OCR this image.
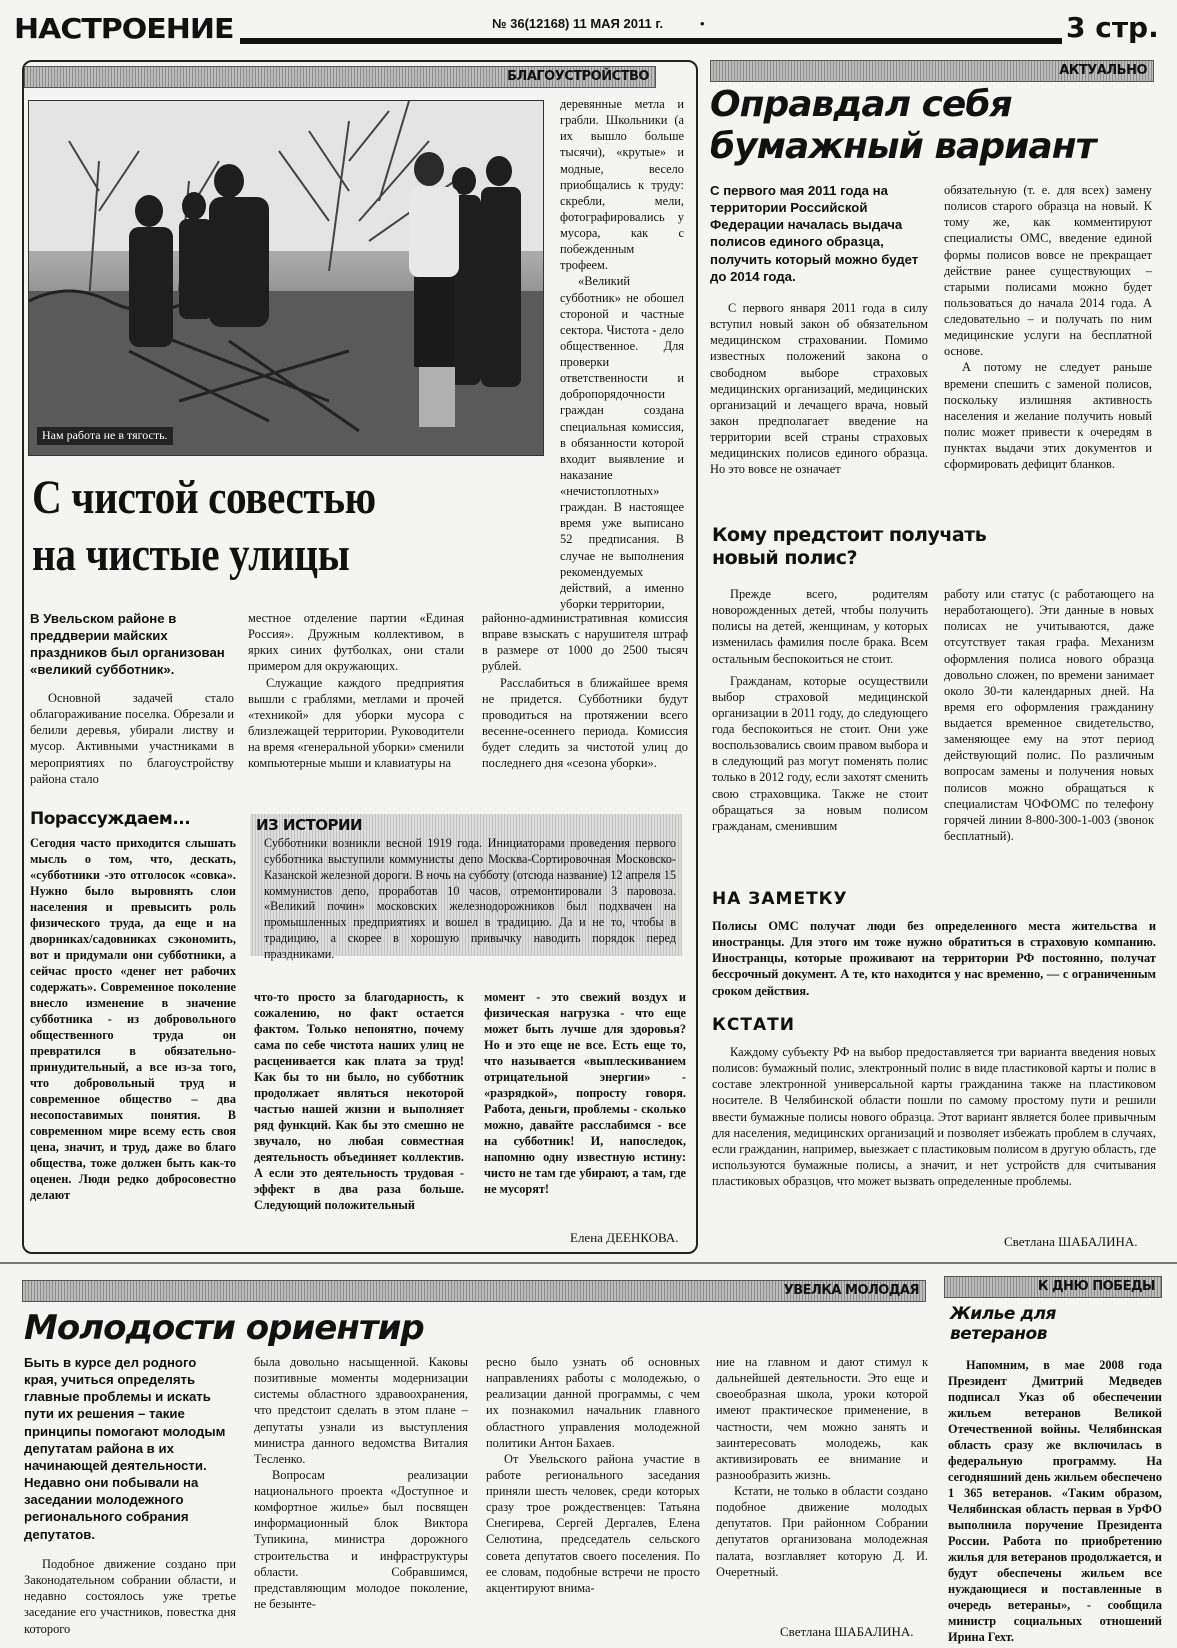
НАСТРОЕНИЕ	№ 36(12168) 11 МАЯ 2011 г.	•	3 стр.
БЛАГОУСТРОЙСТВО
Нам работа не в тягость.

деревянные метла и грабли. Школьники (а их вышло больше тысячи), «крутые» и модные, весело приобщались к труду: скребли, мели, фотографировались у мусора, как с побежденным трофеем.

«Великий субботник» не обошел стороной и частные сектора. Чистота - дело общественное. Для проверки ответственности и добропорядочности граждан создана специальная комиссия, в обязанности которой входит выявление и наказание «нечистоплотных» граждан. В настоящее время уже выписано 52 предписания. В случае не выполнения рекомендуемых действий, а именно уборки территории,

С чистой совестью
на чистые улицы
В Увельском районе в преддверии майских праздников был организован «великий субботник».
Основной задачей стало облагораживание поселка. Обрезали и белили деревья, убирали листву и мусор. Активными участниками в мероприятиях по благоустройству района стало

местное отделение партии «Единая Россия». Дружным коллективом, в ярких синих футболках, они стали примером для окружающих.

Служащие каждого предприятия вышли с граблями, метлами и прочей «техникой» для уборки мусора с близлежащей территории. Руководители на время «генеральной уборки» сменили компьютерные мыши и клавиатуры на

районно-административная комиссия вправе взыскать с нарушителя штраф в размере от 1000 до 2500 тысяч рублей.

Расслабиться в ближайшее время не придется. Субботники будут проводиться на протяжении всего весенне-осеннего периода. Комиссия будет следить за чистотой улиц до последнего дня «сезона уборки».

Порассуждаем...
Сегодня часто приходится слышать мысль о том, что, дескать, «субботники -это отголосок «совка». Нужно было выровнять слои населения и превысить роль физического труда, да еще и на дворниках/садовниках сэкономить, вот и придумали они субботники, а сейчас просто «денег нет рабочих содержать». Современное поколение внесло изменение в значение субботника - из добровольного общественного труда он превратился в обязательно-принудительный, а все из-за того, что добровольный труд и современное общество – два несопоставимых понятия. В современном мире всему есть своя цена, значит, и труд, даже во благо общества, тоже должен быть как-то оценен. Люди редко добросовестно делают
ИЗ ИСТОРИИ
Субботники возникли весной 1919 года. Инициаторами проведения первого субботника выступили коммунисты депо Москва-Сортировочная Московско-Казанской железной дороги. В ночь на субботу (отсюда название) 12 апреля 15 коммунистов депо, проработав 10 часов, отремонтировали 3 паровоза. «Великий почин» московских железнодорожников был подхвачен на промышленных предприятиях и вошел в традицию. Да и не то, чтобы в традицию, а скорее в хорошую привычку наводить порядок перед праздниками.
что-то просто за благодарность, к сожалению, но факт остается фактом. Только непонятно, почему сама по себе чистота наших улиц не расценивается как плата за труд! Как бы то ни было, но субботник продолжает являться некоторой частью нашей жизни и выполняет ряд функций. Как бы это смешно не звучало, но любая совместная деятельность объединяет коллектив. А если это деятельность трудовая - эффект в два раза больше. Следующий положительный
момент - это свежий воздух и физическая нагрузка - что еще может быть лучше для здоровья? Но и это еще не все. Есть еще то, что называется «выплескиванием отрицательной энергии» - «разрядкой», попросту говоря. Работа, деньги, проблемы - сколько можно, давайте расслабимся - все на субботник! И, напоследок, напомню одну известную истину: чисто не там где убирают, а там, где не мусорят!
Елена ДЕЕНКОВА.
АКТУАЛЬНО
Оправдал себя
бумажный вариант
С первого мая 2011 года на территории Российской Федерации началась выдача полисов единого образца, получить который можно будет до 2014 года.
С первого января 2011 года в силу вступил новый закон об обязательном медицинском страховании. Помимо известных положений закона о свободном выборе страховых медицинских организаций, медицинских организаций и лечащего врача, новый закон предполагает введение на территории всей страны страховых медицинских полисов единого образца. Но это вовсе не означает

обязательную (т. е. для всех) замену полисов старого образца на новый. К тому же, как комментируют специалисты ОМС, введение единой формы полисов вовсе не прекращает действие ранее существующих – старыми полисами можно будет пользоваться до начала 2014 года. А следовательно – и получать по ним медицинские услуги на бесплатной основе.

А потому не следует раньше времени спешить с заменой полисов, поскольку излишняя активность населения и желание получить новый полис может привести к очередям в пунктах выдачи этих документов и сформировать дефицит бланков.

Кому предстоит получать
новый полис?

Прежде всего, родителям новорожденных детей, чтобы получить полисы на детей, женщинам, у которых изменилась фамилия после брака. Всем остальным беспокоиться не стоит.

Гражданам, которые осуществили выбор страховой медицинской организации в 2011 году, до следующего года беспокоиться не стоит. Они уже воспользовались своим правом выбора и в следующий раз могут поменять полис только в 2012 году, если захотят сменить свою страховщика. Также не стоит обращаться за новым полисом гражданам, сменившим

работу или статус (с работающего на неработающего). Эти данные в новых полисах не учитываются, даже отсутствует такая графа. Механизм оформления полиса нового образца довольно сложен, по времени занимает около 30-ти календарных дней. На время его оформления гражданину выдается временное свидетельство, заменяющее ему на этот период действующий полис. По различным вопросам замены и получения новых полисов можно обращаться к специалистам ЧОФОМС по телефону горячей линии 8-800-300-1-003 (звонок бесплатный).
НА ЗАМЕТКУ
Полисы ОМС получат люди без определенного места жительства и иностранцы. Для этого им тоже нужно обратиться в страховую компанию. Иностранцы, которые проживают на территории РФ постоянно, получат бессрочный документ. А те, кто находится у нас временно, — с ограниченным сроком действия.
КСТАТИ
Каждому субъекту РФ на выбор предоставляется три варианта введения новых полисов: бумажный полис, электронный полис в виде пластиковой карты и полис в составе электронной универсальной карты гражданина также на пластиковом носителе. В Челябинской области пошли по самому простому пути и решили ввести бумажные полисы нового образца. Этот вариант является более привычным для населения, медицинских организаций и позволяет избежать проблем в случаях, если гражданин, например, выезжает с пластиковым полисом в другую область, где используются бумажные полисы, а значит, и нет устройств для считывания пластиковых образцов, что может вызвать определенные проблемы.
Светлана ШАБАЛИНА.
УВЕЛКА МОЛОДАЯ
Молодости ориентир
Быть в курсе дел родного края, учиться определять главные проблемы и искать пути их решения – такие принципы помогают молодым депутатам района в их начинающей деятельности. Недавно они побывали на заседании молодежного регионального собрания депутатов.
Подобное движение создано при Законодательном собрании области, и недавно состоялось уже третье заседание его участников, повестка дня которого

была довольно насыщенной. Каковы позитивные моменты модернизации системы областного здравоохранения, что предстоит сделать в этом плане – депутаты узнали из выступления министра данного ведомства Виталия Тесленко.

Вопросам реализации национального проекта «Доступное и комфортное жилье» был посвящен информационный блок Виктора Тупикина, министра дорожного строительства и инфраструктуры области. Собравшимся, представляющим молодое поколение, не безынте-

ресно было узнать об основных направлениях работы с молодежью, о реализации данной программы, с чем их познакомил начальник главного областного управления молодежной политики Антон Бахаев.

От Увельского района участие в работе регионального заседания приняли шесть человек, среди которых сразу трое рождественцев: Татьяна Снегирева, Сергей Дергалев, Елена Селютина, председатель сельского совета депутатов своего поселения. По ее словам, подобные встречи не просто акцентируют внима-

ние на главном и дают стимул к дальнейшей деятельности. Это еще и своеобразная школа, уроки которой имеют практическое применение, в частности, чем можно занять и заинтересовать молодежь, как активизировать ее внимание и разнообразить жизнь.

Кстати, не только в области создано подобное движение молодых депутатов. При районном Собрании депутатов организована молодежная палата, возглавляет которую Д. И. Очеретный.

Светлана ШАБАЛИНА.
К ДНЮ ПОБЕДЫ
Жилье для
ветеранов
Напомним, в мае 2008 года Президент Дмитрий Медведев подписал Указ об обеспечении жильем ветеранов Великой Отечественной войны. Челябинская область сразу же включилась в федеральную программу. На сегодняшний день жильем обеспечено 1 365 ветеранов. «Таким образом, Челябинская область первая в УрФО выполнила поручение Президента России. Работа по приобретению жилья для ветеранов продолжается, и будут обеспечены жильем все нуждающиеся и поставленные в очередь ветераны», - сообщила министр социальных отношений Ирина Гехт.
